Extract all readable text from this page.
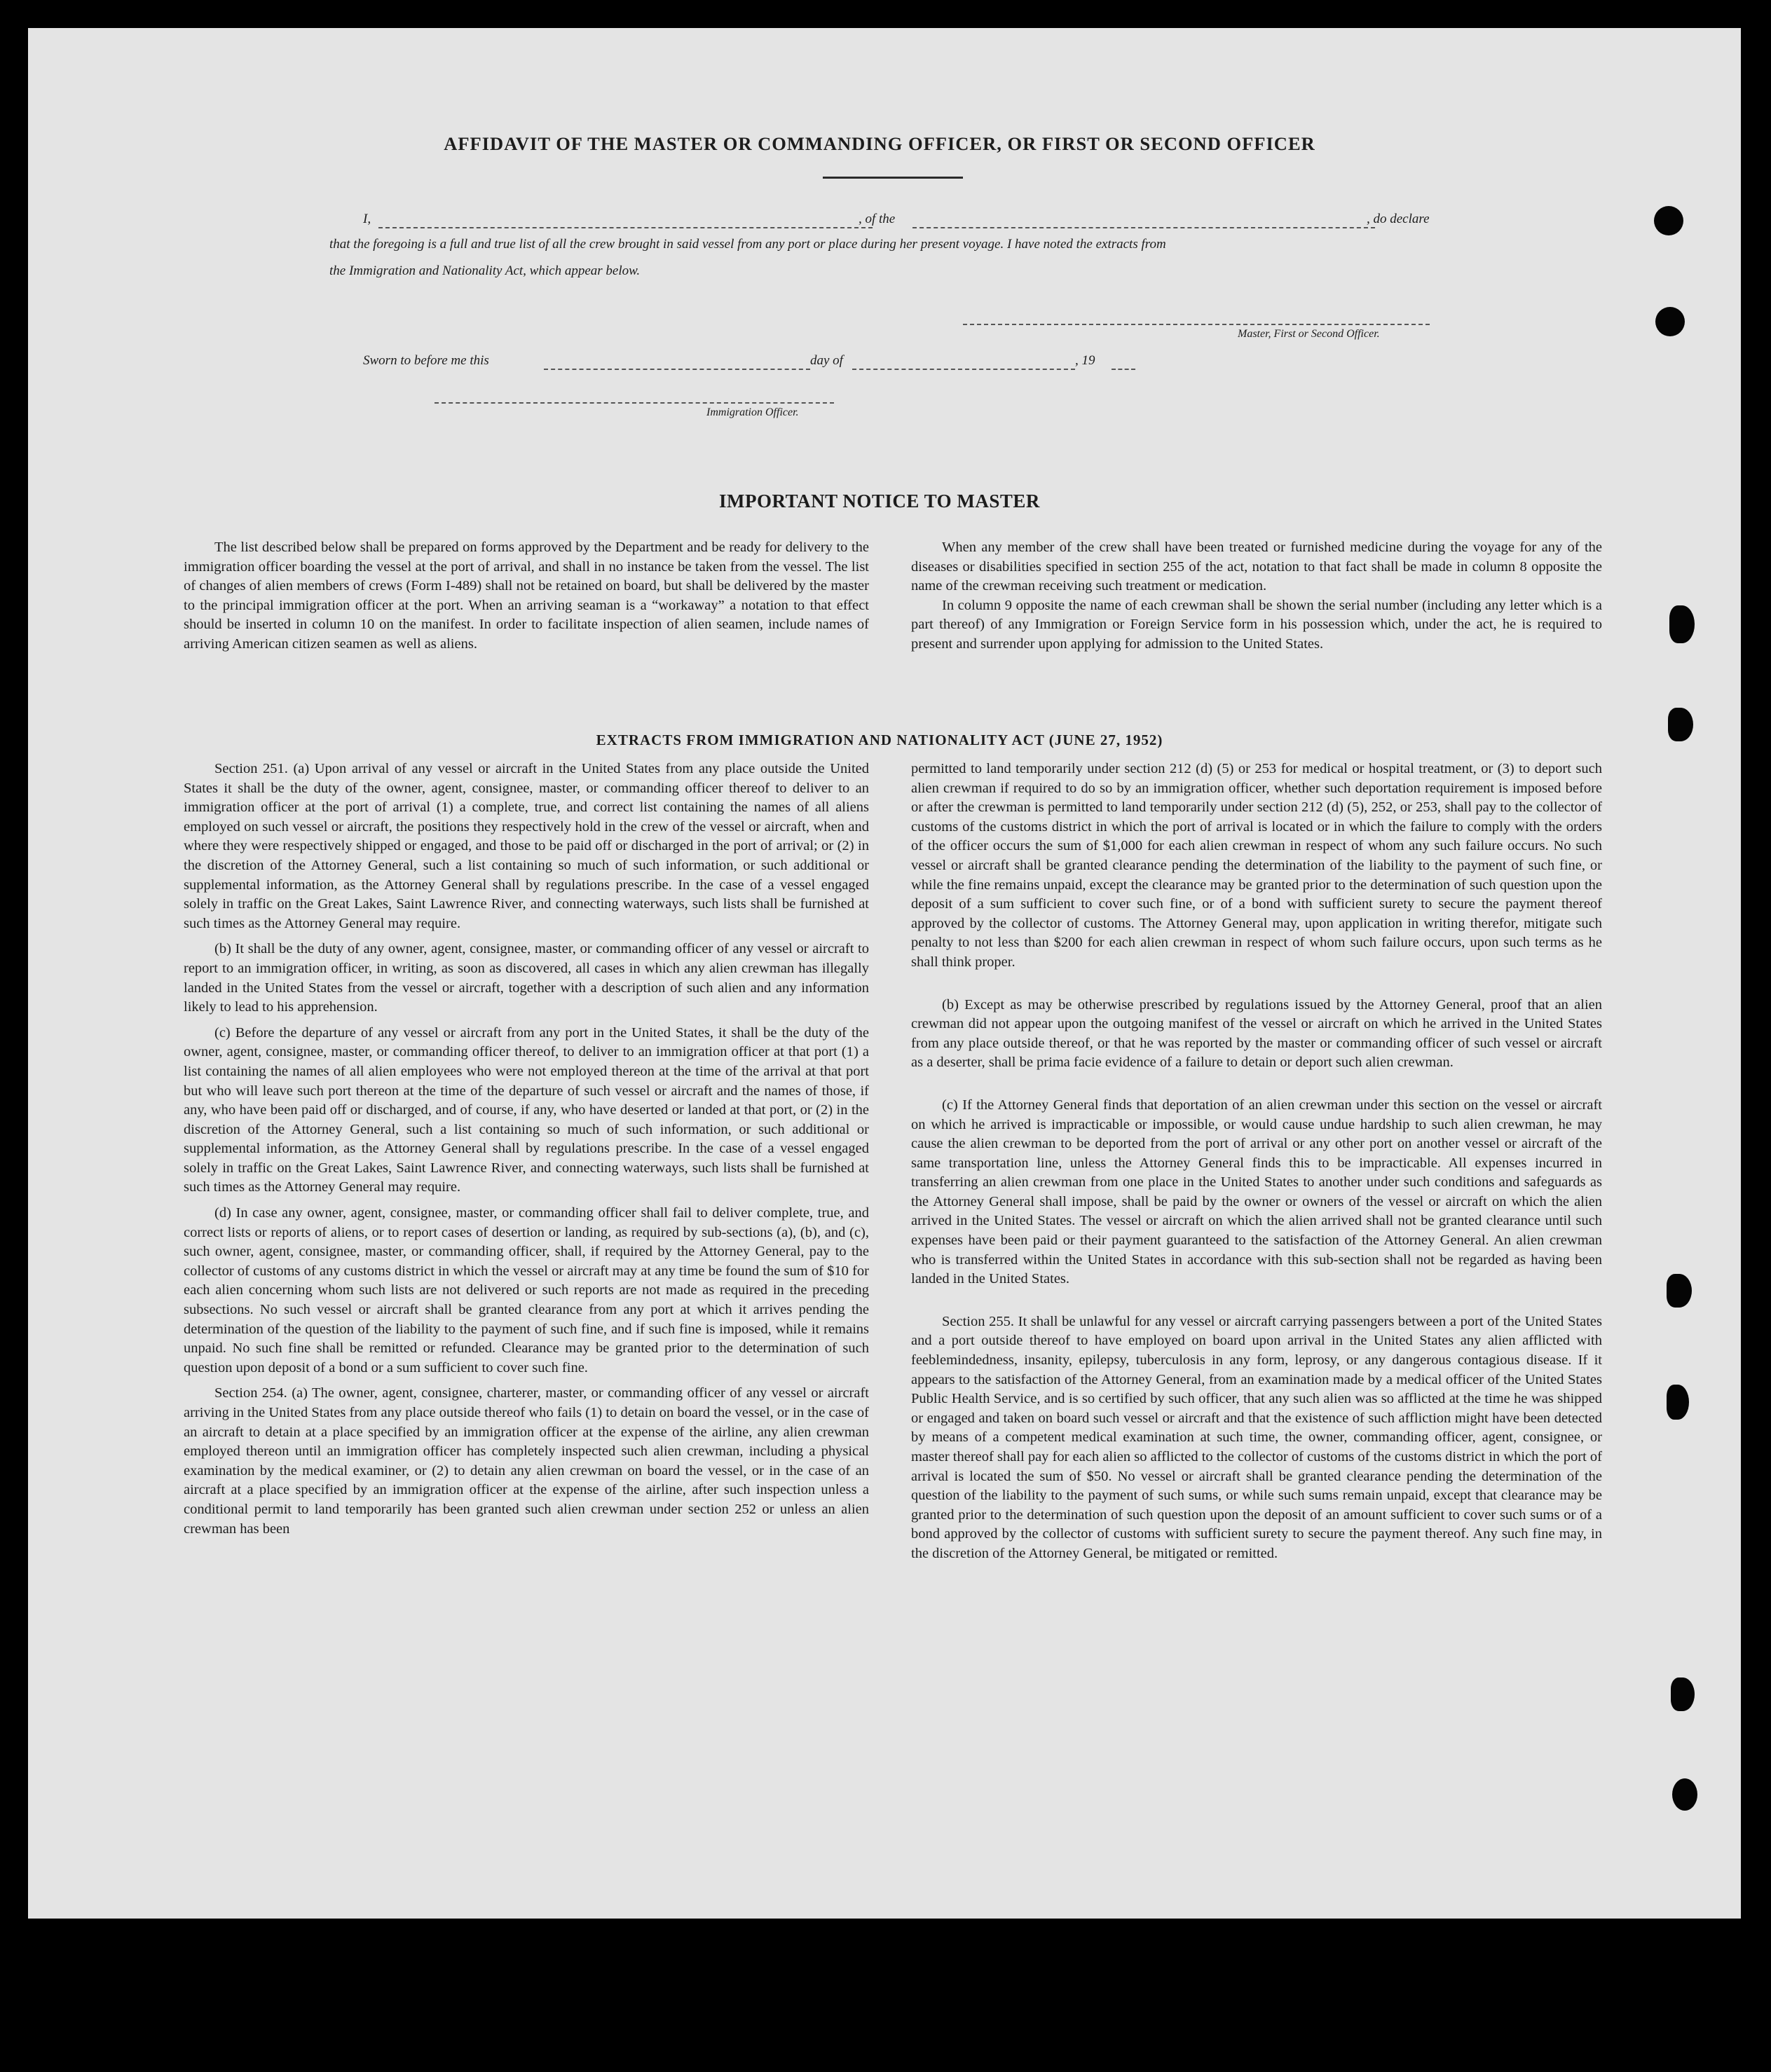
AFFIDAVIT OF THE MASTER OR COMMANDING OFFICER, OR FIRST OR SECOND OFFICER
I,	, of the	, do declare

that the foregoing is a full and true list of all the crew brought in said vessel from any port or place during her present voyage. I have noted the extracts from

the Immigration and Nationality Act, which appear below.

Master, First or Second Officer.
Sworn to before me this	day of	, 19
Immigration Officer.
IMPORTANT NOTICE TO MASTER

The list described below shall be prepared on forms approved by the Department and be ready for delivery to the immigration officer boarding the vessel at the port of arrival, and shall in no instance be taken from the vessel. The list of changes of alien members of crews (Form I-489) shall not be retained on board, but shall be delivered by the master to the principal immigration officer at the port. When an arriving seaman is a “workaway” a notation to that effect should be inserted in column 10 on the manifest. In order to facilitate inspection of alien seamen, include names of arriving American citizen seamen as well as aliens.

When any member of the crew shall have been treated or furnished medicine during the voyage for any of the diseases or disabilities specified in section 255 of the act, notation to that fact shall be made in column 8 opposite the name of the crewman receiving such treatment or medication.

In column 9 opposite the name of each crewman shall be shown the serial number (including any letter which is a part thereof) of any Immigration or Foreign Service form in his possession which, under the act, he is required to present and surrender upon applying for admission to the United States.

EXTRACTS FROM IMMIGRATION AND NATIONALITY ACT (JUNE 27, 1952)

Section 251. (a) Upon arrival of any vessel or aircraft in the United States from any place outside the United States it shall be the duty of the owner, agent, consignee, master, or commanding officer thereof to deliver to an immigration officer at the port of arrival (1) a complete, true, and correct list containing the names of all aliens employed on such vessel or aircraft, the positions they respectively hold in the crew of the vessel or aircraft, when and where they were respectively shipped or engaged, and those to be paid off or discharged in the port of arrival; or (2) in the discretion of the Attorney General, such a list containing so much of such information, or such additional or supplemental information, as the Attorney General shall by regulations prescribe. In the case of a vessel engaged solely in traffic on the Great Lakes, Saint Lawrence River, and connecting waterways, such lists shall be furnished at such times as the Attorney General may require.

(b) It shall be the duty of any owner, agent, consignee, master, or commanding officer of any vessel or aircraft to report to an immigration officer, in writing, as soon as discovered, all cases in which any alien crewman has illegally landed in the United States from the vessel or aircraft, together with a description of such alien and any information likely to lead to his apprehension.

(c) Before the departure of any vessel or aircraft from any port in the United States, it shall be the duty of the owner, agent, consignee, master, or commanding officer thereof, to deliver to an immigration officer at that port (1) a list containing the names of all alien employees who were not employed thereon at the time of the arrival at that port but who will leave such port thereon at the time of the departure of such vessel or aircraft and the names of those, if any, who have been paid off or discharged, and of course, if any, who have deserted or landed at that port, or (2) in the discretion of the Attorney General, such a list containing so much of such information, or such additional or supplemental information, as the Attorney General shall by regulations prescribe. In the case of a vessel engaged solely in traffic on the Great Lakes, Saint Lawrence River, and connecting waterways, such lists shall be furnished at such times as the Attorney General may require.

(d) In case any owner, agent, consignee, master, or commanding officer shall fail to deliver complete, true, and correct lists or reports of aliens, or to report cases of desertion or landing, as required by sub-sections (a), (b), and (c), such owner, agent, consignee, master, or commanding officer, shall, if required by the Attorney General, pay to the collector of customs of any customs district in which the vessel or aircraft may at any time be found the sum of $10 for each alien concerning whom such lists are not delivered or such reports are not made as required in the preceding subsections. No such vessel or aircraft shall be granted clearance from any port at which it arrives pending the determination of the question of the liability to the payment of such fine, and if such fine is imposed, while it remains unpaid. No such fine shall be remitted or refunded. Clearance may be granted prior to the determination of such question upon deposit of a bond or a sum sufficient to cover such fine.

Section 254. (a) The owner, agent, consignee, charterer, master, or commanding officer of any vessel or aircraft arriving in the United States from any place outside thereof who fails (1) to detain on board the vessel, or in the case of an aircraft to detain at a place specified by an immigration officer at the expense of the airline, any alien crewman employed thereon until an immigration officer has completely inspected such alien crewman, including a physical examination by the medical examiner, or (2) to detain any alien crewman on board the vessel, or in the case of an aircraft at a place specified by an immigration officer at the expense of the airline, after such inspection unless a conditional permit to land temporarily has been granted such alien crewman under section 252 or unless an alien crewman has been

permitted to land temporarily under section 212 (d) (5) or 253 for medical or hospital treatment, or (3) to deport such alien crewman if required to do so by an immigration officer, whether such deportation requirement is imposed before or after the crewman is permitted to land temporarily under section 212 (d) (5), 252, or 253, shall pay to the collector of customs of the customs district in which the port of arrival is located or in which the failure to comply with the orders of the officer occurs the sum of $1,000 for each alien crewman in respect of whom any such failure occurs. No such vessel or aircraft shall be granted clearance pending the determination of the liability to the payment of such fine, or while the fine remains unpaid, except the clearance may be granted prior to the determination of such question upon the deposit of a sum sufficient to cover such fine, or of a bond with sufficient surety to secure the payment thereof approved by the collector of customs. The Attorney General may, upon application in writing therefor, mitigate such penalty to not less than $200 for each alien crewman in respect of whom such failure occurs, upon such terms as he shall think proper.

(b) Except as may be otherwise prescribed by regulations issued by the Attorney General, proof that an alien crewman did not appear upon the outgoing manifest of the vessel or aircraft on which he arrived in the United States from any place outside thereof, or that he was reported by the master or commanding officer of such vessel or aircraft as a deserter, shall be prima facie evidence of a failure to detain or deport such alien crewman.

(c) If the Attorney General finds that deportation of an alien crewman under this section on the vessel or aircraft on which he arrived is impracticable or impossible, or would cause undue hardship to such alien crewman, he may cause the alien crewman to be deported from the port of arrival or any other port on another vessel or aircraft of the same transportation line, unless the Attorney General finds this to be impracticable. All expenses incurred in transferring an alien crewman from one place in the United States to another under such conditions and safeguards as the Attorney General shall impose, shall be paid by the owner or owners of the vessel or aircraft on which the alien arrived in the United States. The vessel or aircraft on which the alien arrived shall not be granted clearance until such expenses have been paid or their payment guaranteed to the satisfaction of the Attorney General. An alien crewman who is transferred within the United States in accordance with this sub-section shall not be regarded as having been landed in the United States.

Section 255. It shall be unlawful for any vessel or aircraft carrying passengers between a port of the United States and a port outside thereof to have employed on board upon arrival in the United States any alien afflicted with feeblemindedness, insanity, epilepsy, tuberculosis in any form, leprosy, or any dangerous contagious disease. If it appears to the satisfaction of the Attorney General, from an examination made by a medical officer of the United States Public Health Service, and is so certified by such officer, that any such alien was so afflicted at the time he was shipped or engaged and taken on board such vessel or aircraft and that the existence of such affliction might have been detected by means of a competent medical examination at such time, the owner, commanding officer, agent, consignee, or master thereof shall pay for each alien so afflicted to the collector of customs of the customs district in which the port of arrival is located the sum of $50. No vessel or aircraft shall be granted clearance pending the determination of the question of the liability to the payment of such sums, or while such sums remain unpaid, except that clearance may be granted prior to the determination of such question upon the deposit of an amount sufficient to cover such sums or of a bond approved by the collector of customs with sufficient surety to secure the payment thereof. Any such fine may, in the discretion of the Attorney General, be mitigated or remitted.
